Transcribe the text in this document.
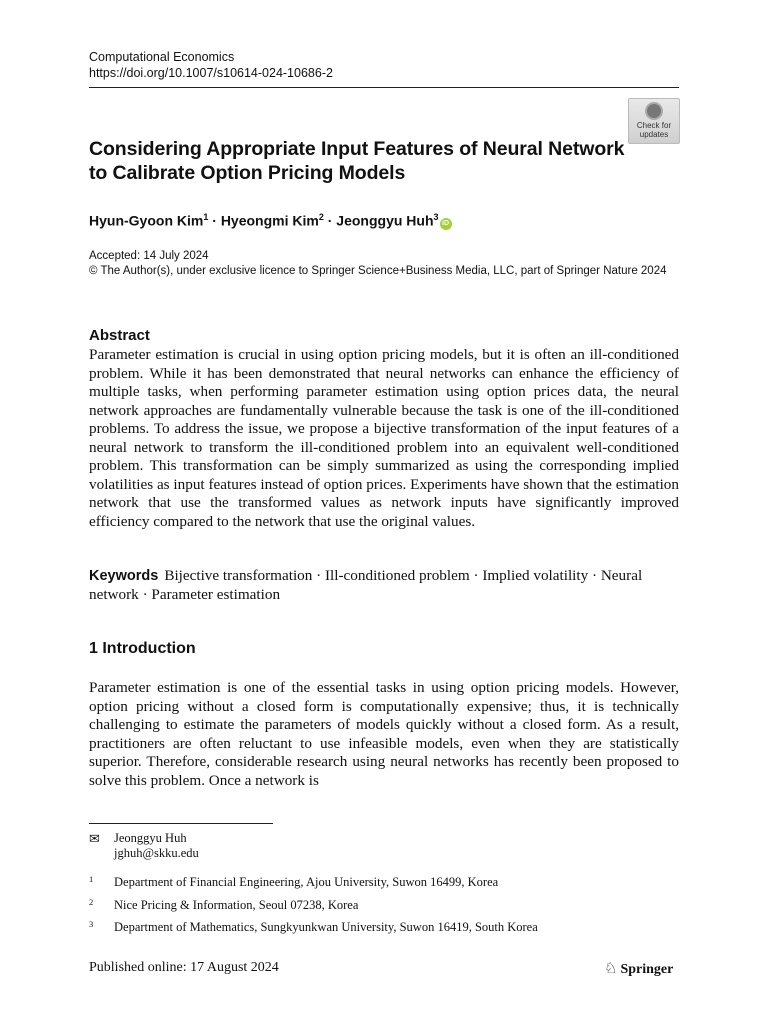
Computational Economics
https://doi.org/10.1007/s10614-024-10686-2
Check for
updates
Considering Appropriate Input Features of Neural Network
to Calibrate Option Pricing Models
Hyun-Gyoon Kim$^1$ · Hyeongmi Kim$^2$ · Jeonggyu Huh$^3$iD
Accepted: 14 July 2024
© The Author(s), under exclusive licence to Springer Science+Business Media, LLC, part of Springer Nature 2024
Abstract

Parameter estimation is crucial in using option pricing models, but it is often an ill-conditioned problem. While it has been demonstrated that neural networks can enhance the efficiency of multiple tasks, when performing parameter estimation using option prices data, the neural network approaches are fundamentally vulnerable because the task is one of the ill-conditioned problems. To address the issue, we propose a bijective transformation of the input features of a neural network to transform the ill-conditioned problem into an equivalent well-conditioned problem. This transformation can be simply summarized as using the corresponding implied volatilities as input features instead of option prices. Experiments have shown that the estimation network that use the transformed values as network inputs have significantly improved efficiency compared to the network that use the original values.

Keywords Bijective transformation · Ill-conditioned problem · Implied volatility · Neural network · Parameter estimation
1 Introduction

Parameter estimation is one of the essential tasks in using option pricing models. However, option pricing without a closed form is computationally expensive; thus, it is technically challenging to estimate the parameters of models quickly without a closed form. As a result, practitioners are often reluctant to use infeasible models, even when they are statistically superior. Therefore, considerable research using neural networks has recently been proposed to solve this problem. Once a network is

✉	Jeonggyu Huh
jghuh@skku.edu
1 Department of Financial Engineering, Ajou University, Suwon 16499, Korea
2 Nice Pricing & Information, Seoul 07238, Korea
3 Department of Mathematics, Sungkyunkwan University, Suwon 16419, South Korea
Published online: 17 August 2024	♘ Springer
